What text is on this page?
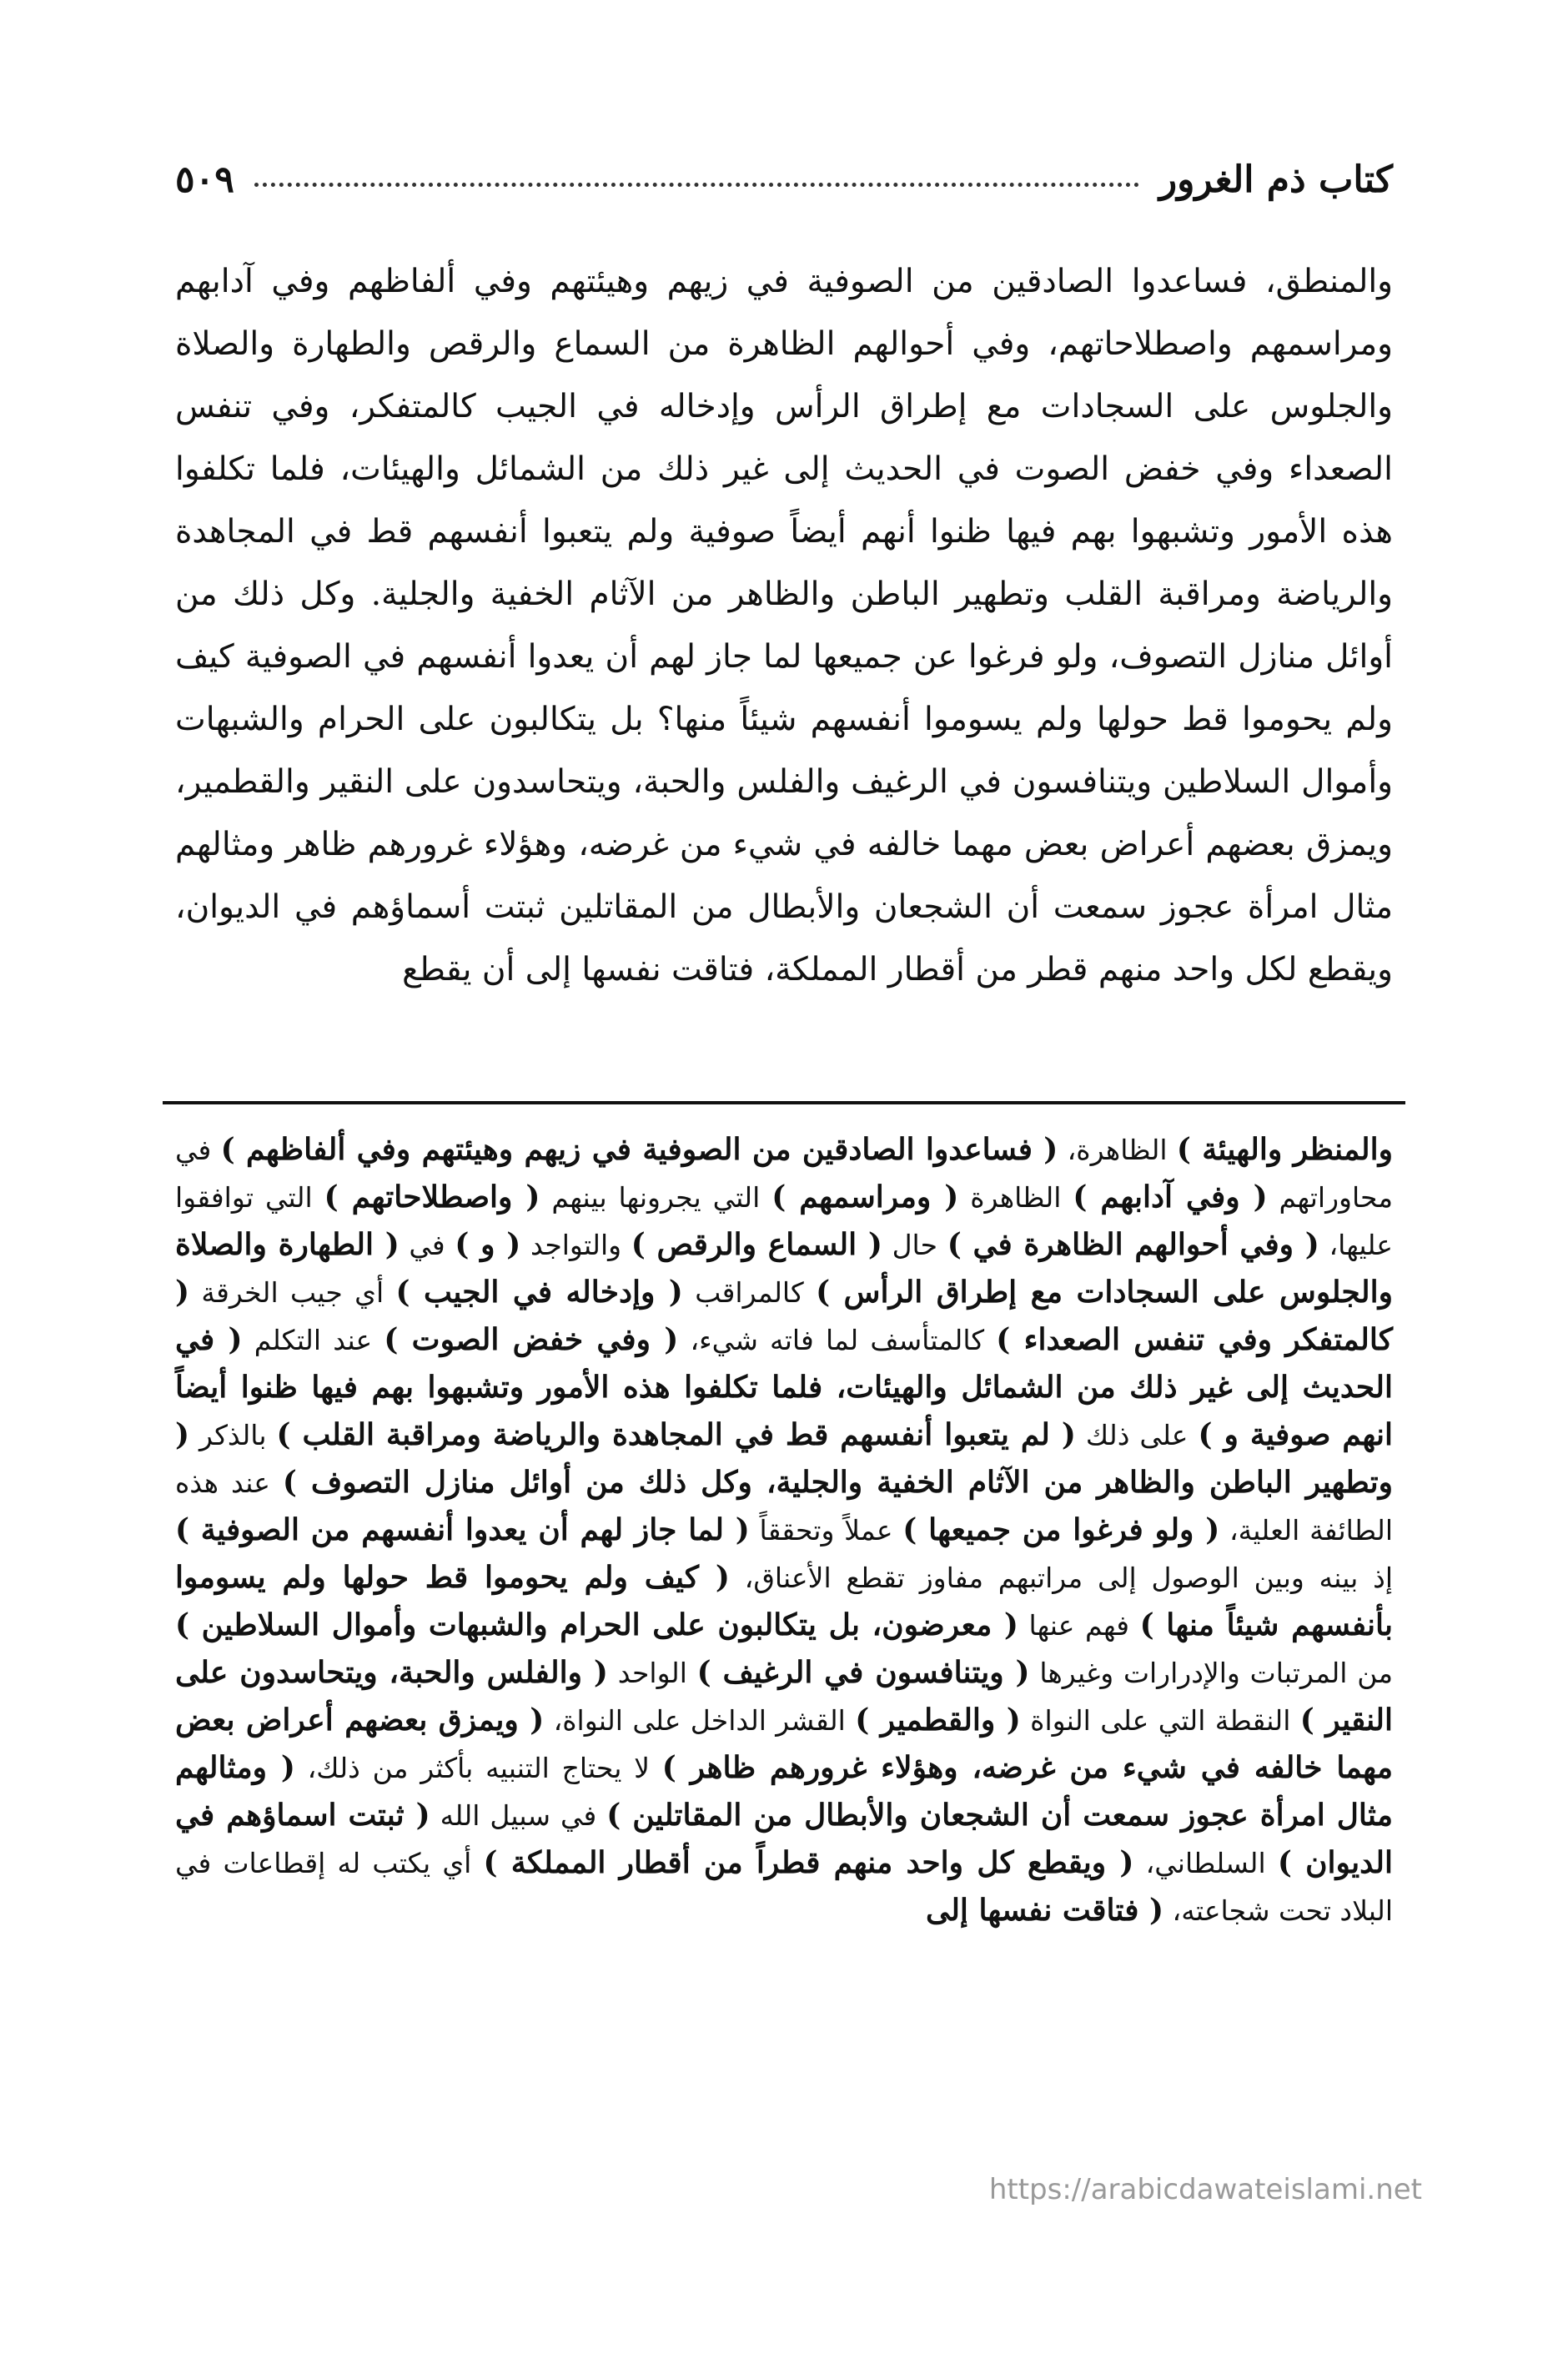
كتاب ذم الغرور
٥٠٩

والمنطق، فساعدوا الصادقين من الصوفية في زيهم وهيئتهم وفي ألفاظهم وفي آدابهم ومراسمهم واصطلاحاتهم، وفي أحوالهم الظاهرة من السماع والرقص والطهارة والصلاة والجلوس على السجادات مع إطراق الرأس وإدخاله في الجيب كالمتفكر، وفي تنفس الصعداء وفي خفض الصوت في الحديث إلى غير ذلك من الشمائل والهيئات، فلما تكلفوا هذه الأمور وتشبهوا بهم فيها ظنوا أنهم أيضاً صوفية ولم يتعبوا أنفسهم قط في المجاهدة والرياضة ومراقبة القلب وتطهير الباطن والظاهر من الآثام الخفية والجلية. وكل ذلك من أوائل منازل التصوف، ولو فرغوا عن جميعها لما جاز لهم أن يعدوا أنفسهم في الصوفية كيف ولم يحوموا قط حولها ولم يسوموا أنفسهم شيئاً منها؟ بل يتكالبون على الحرام والشبهات وأموال السلاطين ويتنافسون في الرغيف والفلس والحبة، ويتحاسدون على النقير والقطمير، ويمزق بعضهم أعراض بعض مهما خالفه في شيء من غرضه، وهؤلاء غرورهم ظاهر ومثالهم مثال امرأة عجوز سمعت أن الشجعان والأبطال من المقاتلين ثبتت أسماؤهم في الديوان، ويقطع لكل واحد منهم قطر من أقطار المملكة، فتاقت نفسها إلى أن يقطع

والمنظر والهيئة ) الظاهرة، ( فساعدوا الصادقين من الصوفية في زيهم وهيئتهم وفي ألفاظهم ) في محاوراتهم ( وفي آدابهم ) الظاهرة ( ومراسمهم ) التي يجرونها بينهم ( واصطلاحاتهم ) التي توافقوا عليها، ( وفي أحوالهم الظاهرة في ) حال ( السماع والرقص ) والتواجد ( و ) في ( الطهارة والصلاة والجلوس على السجادات مع إطراق الرأس ) كالمراقب ( وإدخاله في الجيب ) أي جيب الخرقة ( كالمتفكر وفي تنفس الصعداء ) كالمتأسف لما فاته شيء، ( وفي خفض الصوت ) عند التكلم ( في الحديث إلى غير ذلك من الشمائل والهيئات، فلما تكلفوا هذه الأمور وتشبهوا بهم فيها ظنوا أيضاً انهم صوفية و ) على ذلك ( لم يتعبوا أنفسهم قط في المجاهدة والرياضة ومراقبة القلب ) بالذكر ( وتطهير الباطن والظاهر من الآثام الخفية والجلية، وكل ذلك من أوائل منازل التصوف ) عند هذه الطائفة العلية، ( ولو فرغوا من جميعها ) عملاً وتحققاً ( لما جاز لهم أن يعدوا أنفسهم من الصوفية ) إذ بينه وبين الوصول إلى مراتبهم مفاوز تقطع الأعناق، ( كيف ولم يحوموا قط حولها ولم يسوموا بأنفسهم شيئاً منها ) فهم عنها ( معرضون، بل يتكالبون على الحرام والشبهات وأموال السلاطين ) من المرتبات والإدرارات وغيرها ( ويتنافسون في الرغيف ) الواحد ( والفلس والحبة، ويتحاسدون على النقير ) النقطة التي على النواة ( والقطمير ) القشر الداخل على النواة، ( ويمزق بعضهم أعراض بعض مهما خالفه في شيء من غرضه، وهؤلاء غرورهم ظاهر ) لا يحتاج التنبيه بأكثر من ذلك، ( ومثالهم مثال امرأة عجوز سمعت أن الشجعان والأبطال من المقاتلين ) في سبيل الله ( ثبتت اسماؤهم في الديوان ) السلطاني، ( ويقطع كل واحد منهم قطراً من أقطار المملكة ) أي يكتب له إقطاعات في البلاد تحت شجاعته، ( فتاقت نفسها إلى

https://arabicdawateislami.net
